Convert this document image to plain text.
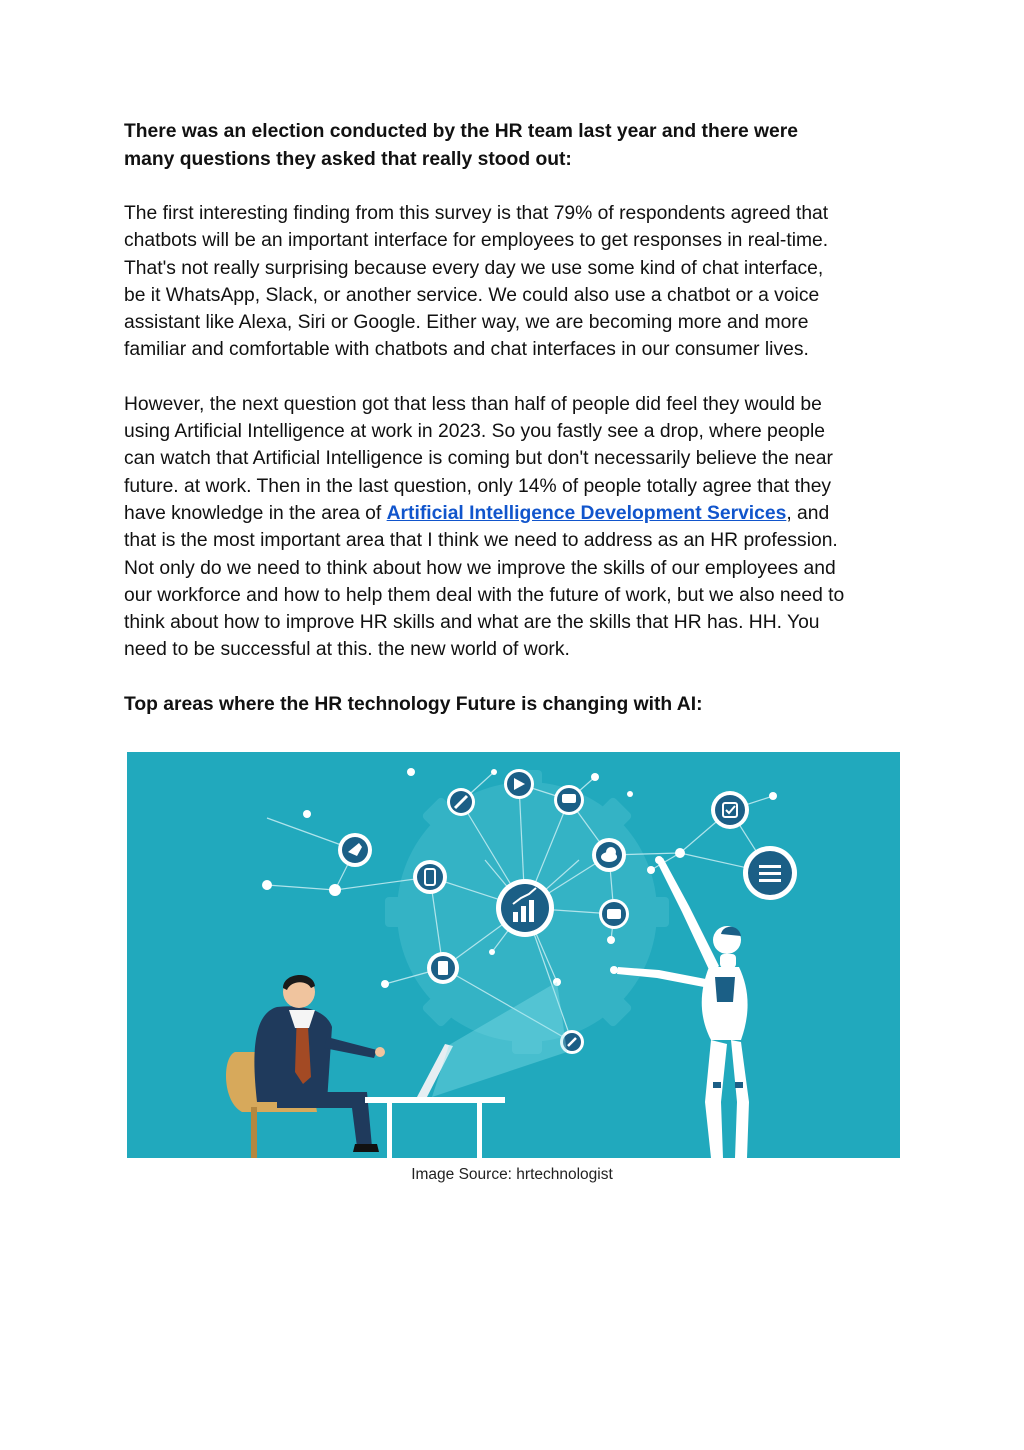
There was an election conducted by the HR team last year and there were
many questions they asked that really stood out:

The first interesting finding from this survey is that 79% of respondents agreed that
chatbots will be an important interface for employees to get responses in real-time.
That's not really surprising because every day we use some kind of chat interface,
be it WhatsApp, Slack, or another service. We could also use a chatbot or a voice
assistant like Alexa, Siri or Google. Either way, we are becoming more and more
familiar and comfortable with chatbots and chat interfaces in our consumer lives.

However, the next question got that less than half of people did feel they would be
using Artificial Intelligence at work in 2023. So you fastly see a drop, where people
can watch that Artificial Intelligence is coming but don't necessarily believe the near
future. at work. Then in the last question, only 14% of people totally agree that they
have knowledge in the area of Artificial Intelligence Development Services, and
that is the most important area that I think we need to address as an HR profession.
Not only do we need to think about how we improve the skills of our employees and
our workforce and how to help them deal with the future of work, but we also need to
think about how to improve HR skills and what are the skills that HR has. HH. You
need to be successful at this. the new world of work.

Top areas where the HR technology Future is changing with AI:

Image Source: hrtechnologist
